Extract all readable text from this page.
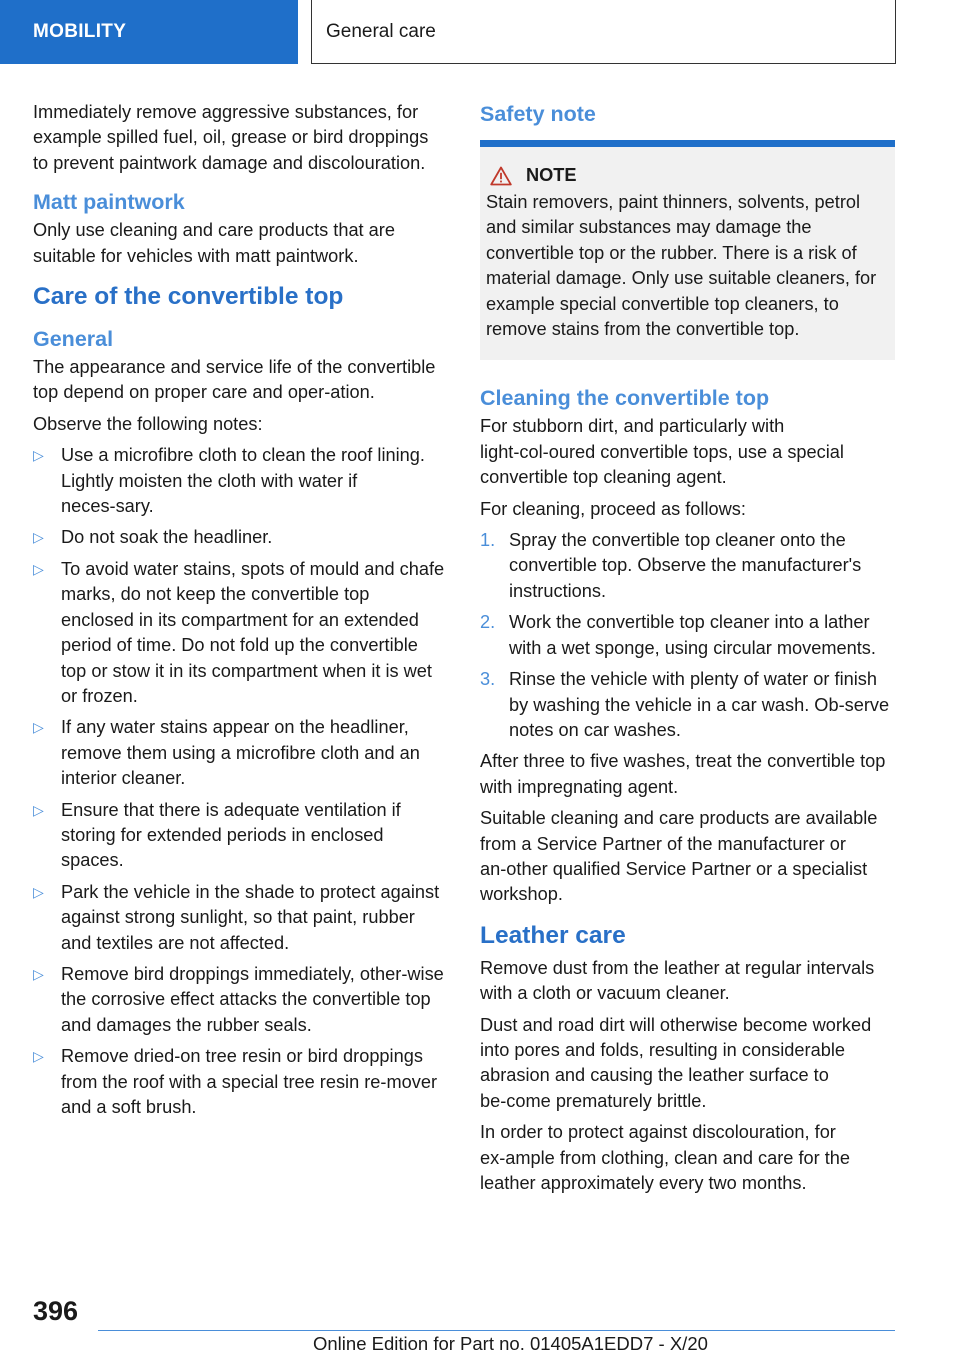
MOBILITY	General care

Immediately remove aggressive substances, for example spilled fuel, oil, grease or bird droppings to prevent paintwork damage and discolouration.

Matt paintwork

Only use cleaning and care products that are suitable for vehicles with matt paintwork.

Care of the convertible top
General

The appearance and service life of the convertible top depend on proper care and oper‑ation.

Observe the following notes:

▷ Use a microfibre cloth to clean the roof lining. Lightly moisten the cloth with water if neces‑sary.
▷ Do not soak the headliner.
▷ To avoid water stains, spots of mould and chafe marks, do not keep the convertible top enclosed in its compartment for an extended period of time. Do not fold up the convertible top or stow it in its compartment when it is wet or frozen.
▷ If any water stains appear on the headliner, remove them using a microfibre cloth and an interior cleaner.
▷ Ensure that there is adequate ventilation if storing for extended periods in enclosed spaces.
▷ Park the vehicle in the shade to protect against against strong sunlight, so that paint, rubber and textiles are not affected.
▷ Remove bird droppings immediately, other‑wise the corrosive effect attacks the convertible top and damages the rubber seals.
▷ Remove dried‑on tree resin or bird droppings from the roof with a special tree resin re‑mover and a soft brush.
Safety note
NOTE

Stain removers, paint thinners, solvents, petrol and similar substances may damage the convertible top or the rubber. There is a risk of material damage. Only use suitable cleaners, for example special convertible top cleaners, to remove stains from the convertible top.

Cleaning the convertible top

For stubborn dirt, and particularly with light‑col‑oured convertible tops, use a special convertible top cleaning agent.

For cleaning, proceed as follows:

1. Spray the convertible top cleaner onto the convertible top. Observe the manufacturer's instructions.
2. Work the convertible top cleaner into a lather with a wet sponge, using circular movements.
3. Rinse the vehicle with plenty of water or finish by washing the vehicle in a car wash. Ob‑serve notes on car washes.

After three to five washes, treat the convertible top with impregnating agent.

Suitable cleaning and care products are available from a Service Partner of the manufacturer or an‑other qualified Service Partner or a specialist workshop.

Leather care

Remove dust from the leather at regular intervals with a cloth or vacuum cleaner.

Dust and road dirt will otherwise become worked into pores and folds, resulting in considerable abrasion and causing the leather surface to be‑come prematurely brittle.

In order to protect against discolouration, for ex‑ample from clothing, clean and care for the leather approximately every two months.

396
Online Edition for Part no. 01405A1EDD7 - X/20
